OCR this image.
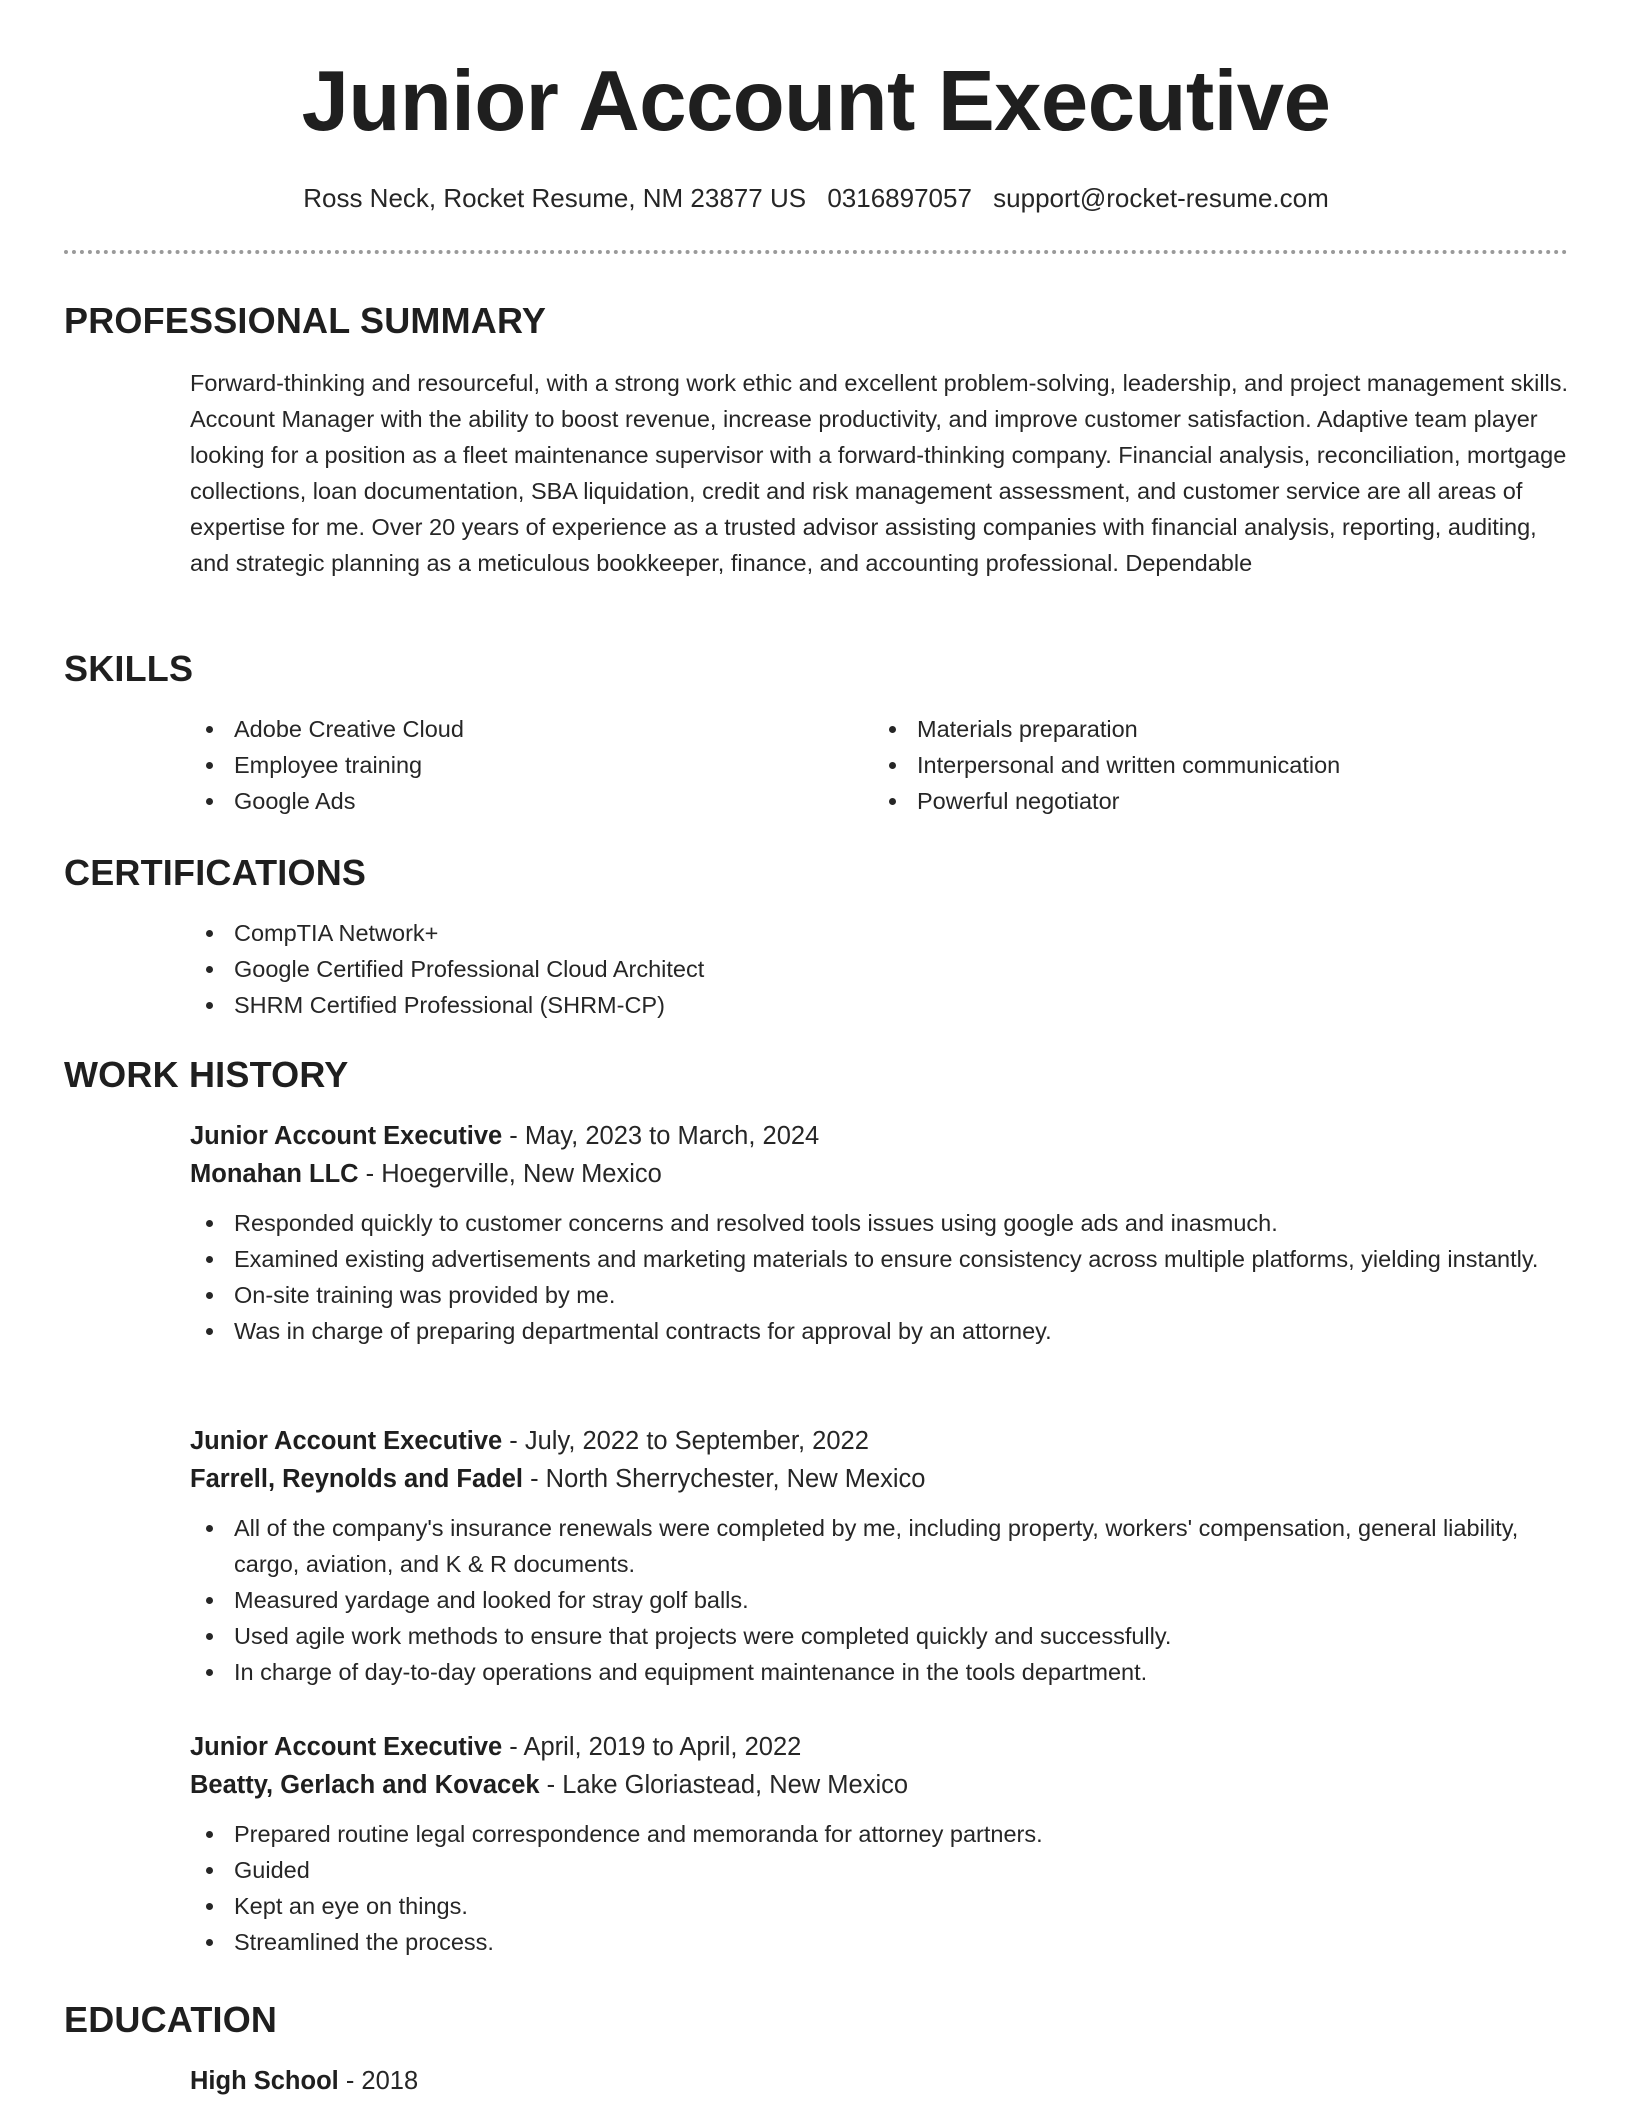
Junior Account Executive
Ross Neck, Rocket Resume, NM 23877 US 0316897057 support@rocket-resume.com
PROFESSIONAL SUMMARY

Forward-thinking and resourceful, with a strong work ethic and excellent problem-solving, leadership, and project management skills. Account Manager with the ability to boost revenue, increase productivity, and improve customer satisfaction. Adaptive team player looking for a position as a fleet maintenance supervisor with a forward-thinking company. Financial analysis, reconciliation, mortgage collections, loan documentation, SBA liquidation, credit and risk management assessment, and customer service are all areas of expertise for me. Over 20 years of experience as a trusted advisor assisting companies with financial analysis, reporting, auditing, and strategic planning as a meticulous bookkeeper, finance, and accounting professional. Dependable

SKILLS
Adobe Creative Cloud
Employee training
Google Ads
Materials preparation
Interpersonal and written communication
Powerful negotiator
CERTIFICATIONS
CompTIA Network+
Google Certified Professional Cloud Architect
SHRM Certified Professional (SHRM-CP)
WORK HISTORY
Junior Account Executive - May, 2023 to March, 2024
Monahan LLC - Hoegerville, New Mexico
Responded quickly to customer concerns and resolved tools issues using google ads and inasmuch.
Examined existing advertisements and marketing materials to ensure consistency across multiple platforms, yielding instantly.
On-site training was provided by me.
Was in charge of preparing departmental contracts for approval by an attorney.
Junior Account Executive - July, 2022 to September, 2022
Farrell, Reynolds and Fadel - North Sherrychester, New Mexico
All of the company's insurance renewals were completed by me, including property, workers' compensation, general liability, cargo, aviation, and K & R documents.
Measured yardage and looked for stray golf balls.
Used agile work methods to ensure that projects were completed quickly and successfully.
In charge of day-to-day operations and equipment maintenance in the tools department.
Junior Account Executive - April, 2019 to April, 2022
Beatty, Gerlach and Kovacek - Lake Gloriastead, New Mexico
Prepared routine legal correspondence and memoranda for attorney partners.
Guided
Kept an eye on things.
Streamlined the process.
EDUCATION
High School - 2018
